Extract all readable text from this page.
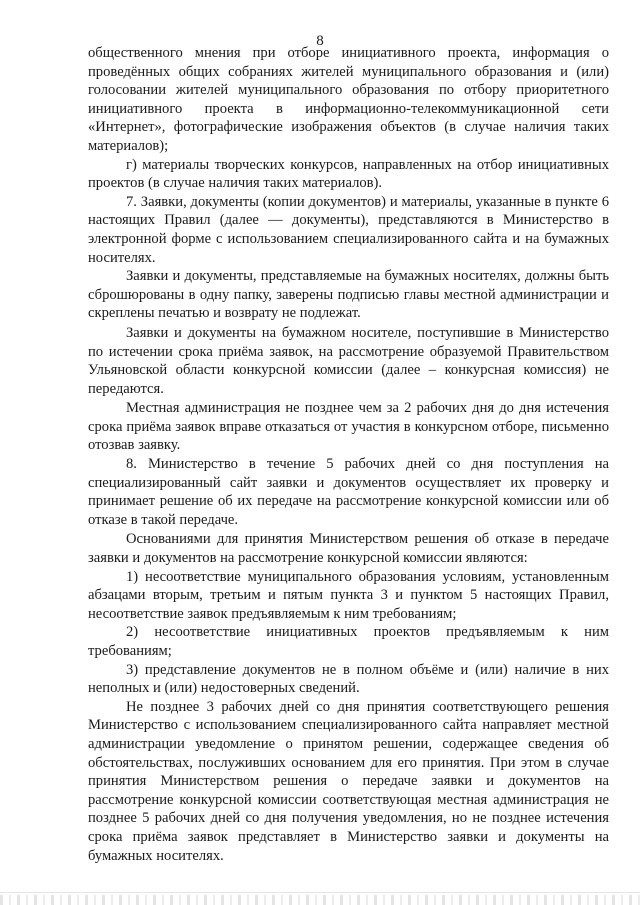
8

общественного мнения при отборе инициативного проекта, информация о проведённых общих собраниях жителей муниципального образования и (или) голосовании жителей муниципального образования по отбору приоритетного инициативного проекта в информационно-телекоммуникационной сети «Интернет», фотографические изображения объектов (в случае наличия таких материалов);

г) материалы творческих конкурсов, направленных на отбор инициативных проектов (в случае наличия таких материалов).

7. Заявки, документы (копии документов) и материалы, указанные в пункте 6 настоящих Правил (далее — документы), представляются в Министерство в электронной форме с использованием специализированного сайта и на бумажных носителях.

Заявки и документы, представляемые на бумажных носителях, должны быть сброшюрованы в одну папку, заверены подписью главы местной администрации и скреплены печатью и возврату не подлежат.

Заявки и документы на бумажном носителе, поступившие в Министерство по истечении срока приёма заявок, на рассмотрение образуемой Правительством Ульяновской области конкурсной комиссии (далее – конкурсная комиссия) не передаются.

Местная администрация не позднее чем за 2 рабочих дня до дня истечения срока приёма заявок вправе отказаться от участия в конкурсном отборе, письменно отозвав заявку.

8. Министерство в течение 5 рабочих дней со дня поступления на специализированный сайт заявки и документов осуществляет их проверку и принимает решение об их передаче на рассмотрение конкурсной комиссии или об отказе в такой передаче.

Основаниями для принятия Министерством решения об отказе в передаче заявки и документов на рассмотрение конкурсной комиссии являются:

1) несоответствие муниципального образования условиям, установленным абзацами вторым, третьим и пятым пункта 3 и пунктом 5 настоящих Правил, несоответствие заявок предъявляемым к ним требованиям;

2) несоответствие инициативных проектов предъявляемым к ним требованиям;

3) представление документов не в полном объёме и (или) наличие в них неполных и (или) недостоверных сведений.

Не позднее 3 рабочих дней со дня принятия соответствующего решения Министерство с использованием специализированного сайта направляет местной администрации уведомление о принятом решении, содержащее сведения об обстоятельствах, послуживших основанием для его принятия. При этом в случае принятия Министерством решения о передаче заявки и документов на рассмотрение конкурсной комиссии соответствующая местная администрация не позднее 5 рабочих дней со дня получения уведомления, но не позднее истечения срока приёма заявок представляет в Министерство заявки и документы на бумажных носителях.
